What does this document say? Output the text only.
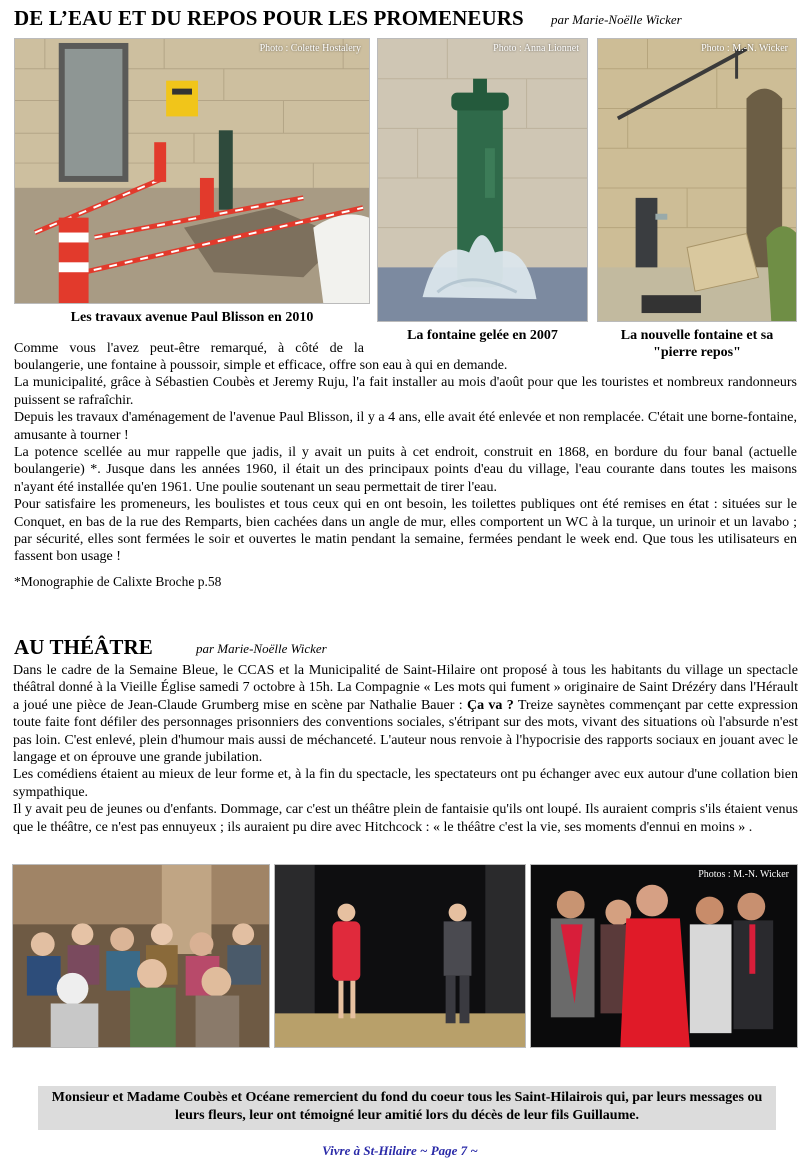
DE L’EAU ET DU REPOS POUR LES PROMENEURS par Marie-Noëlle Wicker
Photo : Colette Hostalery
Les travaux avenue Paul Blisson en 2010
Photo : Anna Lionnet
La fontaine gelée en 2007
Photo : M.-N. Wicker
La nouvelle fontaine et sa
"pierre repos"
Comme vous l'avez peut-être remarqué, à côté de la

boulangerie, une fontaine à poussoir, simple et efficace, offre son eau à qui en demande.

La municipalité, grâce à Sébastien Coubès et Jeremy Ruju, l'a fait installer au mois d'août pour que les touristes et nombreux randonneurs puissent se rafraîchir.

Depuis les travaux d'aménagement de l'avenue Paul Blisson, il y a 4 ans, elle avait été enlevée et non remplacée. C'était une borne-fontaine, amusante à tourner !

La potence scellée au mur rappelle que jadis, il y avait un puits à cet endroit, construit en 1868, en bordure du four banal (actuelle boulangerie) *. Jusque dans les années 1960, il était un des principaux points d'eau du village, l'eau courante dans toutes les maisons n'ayant été installée qu'en 1961. Une poulie soutenant un seau permettait de tirer l'eau.

Pour satisfaire les promeneurs, les boulistes et tous ceux qui en ont besoin, les toilettes publiques ont été remises en état : situées sur le Conquet, en bas de la rue des Remparts, bien cachées dans un angle de mur, elles comportent un WC à la turque, un urinoir et un lavabo ; par sécurité, elles sont fermées le soir et ouvertes le matin pendant la semaine, fermées pendant le week end. Que tous les utilisateurs en fassent bon usage !

*Monographie de Calixte Broche p.58
AU THÉÂTRE	par Marie-Noëlle Wicker

Dans le cadre de la Semaine Bleue, le CCAS et la Municipalité de Saint-Hilaire ont proposé à tous les habitants du village un spectacle théâtral donné à la Vieille Église samedi 7 octobre à 15h. La Compagnie « Les mots qui fument » originaire de Saint Drézéry dans l'Hérault a joué une pièce de Jean-Claude Grumberg mise en scène par Nathalie Bauer : Ça va ? Treize saynètes commençant par cette expression toute faite font défiler des personnages prisonniers des conventions sociales, s'étripant sur des mots, vivant des situations où l'absurde n'est pas loin. C'est enlevé, plein d'humour mais aussi de méchanceté. L'auteur nous renvoie à l'hypocrisie des rapports sociaux en jouant avec le langage et on éprouve une grande jubilation.

Les comédiens étaient au mieux de leur forme et, à la fin du spectacle, les spectateurs ont pu échanger avec eux autour d'une collation bien sympathique.

Il y avait peu de jeunes ou d'enfants. Dommage, car c'est un théâtre plein de fantaisie qu'ils ont loupé. Ils auraient compris s'ils étaient venus que le théâtre, ce n'est pas ennuyeux ; ils auraient pu dire avec Hitchcock : « le théâtre c'est la vie, ses moments d'ennui en moins » .

Photos : M.-N. Wicker
Monsieur et Madame Coubès et Océane remercient du fond du coeur tous les Saint-Hilairois qui, par leurs messages ou leurs fleurs, leur ont témoigné leur amitié lors du décès de leur fils Guillaume.
Vivre à St-Hilaire ~ Page 7 ~
